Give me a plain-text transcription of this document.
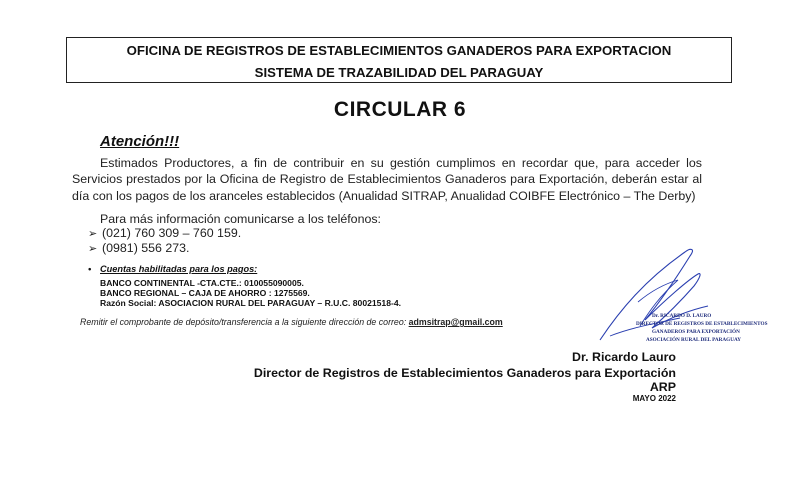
OFICINA DE REGISTROS DE ESTABLECIMIENTOS GANADEROS PARA EXPORTACION
SISTEMA DE TRAZABILIDAD DEL PARAGUAY
CIRCULAR 6
Atención!!!
Estimados Productores, a fin de contribuir en su gestión cumplimos en recordar que, para acceder los Servicios prestados por la Oficina de Registro de Establecimientos Ganaderos para Exportación, deberán estar al día con los pagos de los aranceles establecidos (Anualidad SITRAP, Anualidad COIBFE Electrónico – The Derby)
Para más información comunicarse a los teléfonos:
➢ (021) 760 309 – 760 159.
➢ (0981) 556 273.
• Cuentas habilitadas para los pagos:
BANCO CONTINENTAL -CTA.CTE.: 010055090005.
BANCO REGIONAL – CAJA DE AHORRO : 1275569.
Razón Social: ASOCIACION RURAL DEL PARAGUAY – R.U.C. 80021518-4.
Remitir el comprobante de depósito/transferencia a la siguiente dirección de correo: admsitrap@gmail.com
Dr. RICARDO D. LAURO
DIRECTOR DE REGISTROS DE ESTABLECIMIENTOS
GANADEROS PARA EXPORTACIÓN
ASOCIACIÓN RURAL DEL PARAGUAY
Dr. Ricardo Lauro
Director de Registros de Establecimientos Ganaderos para Exportación
ARP
MAYO 2022
